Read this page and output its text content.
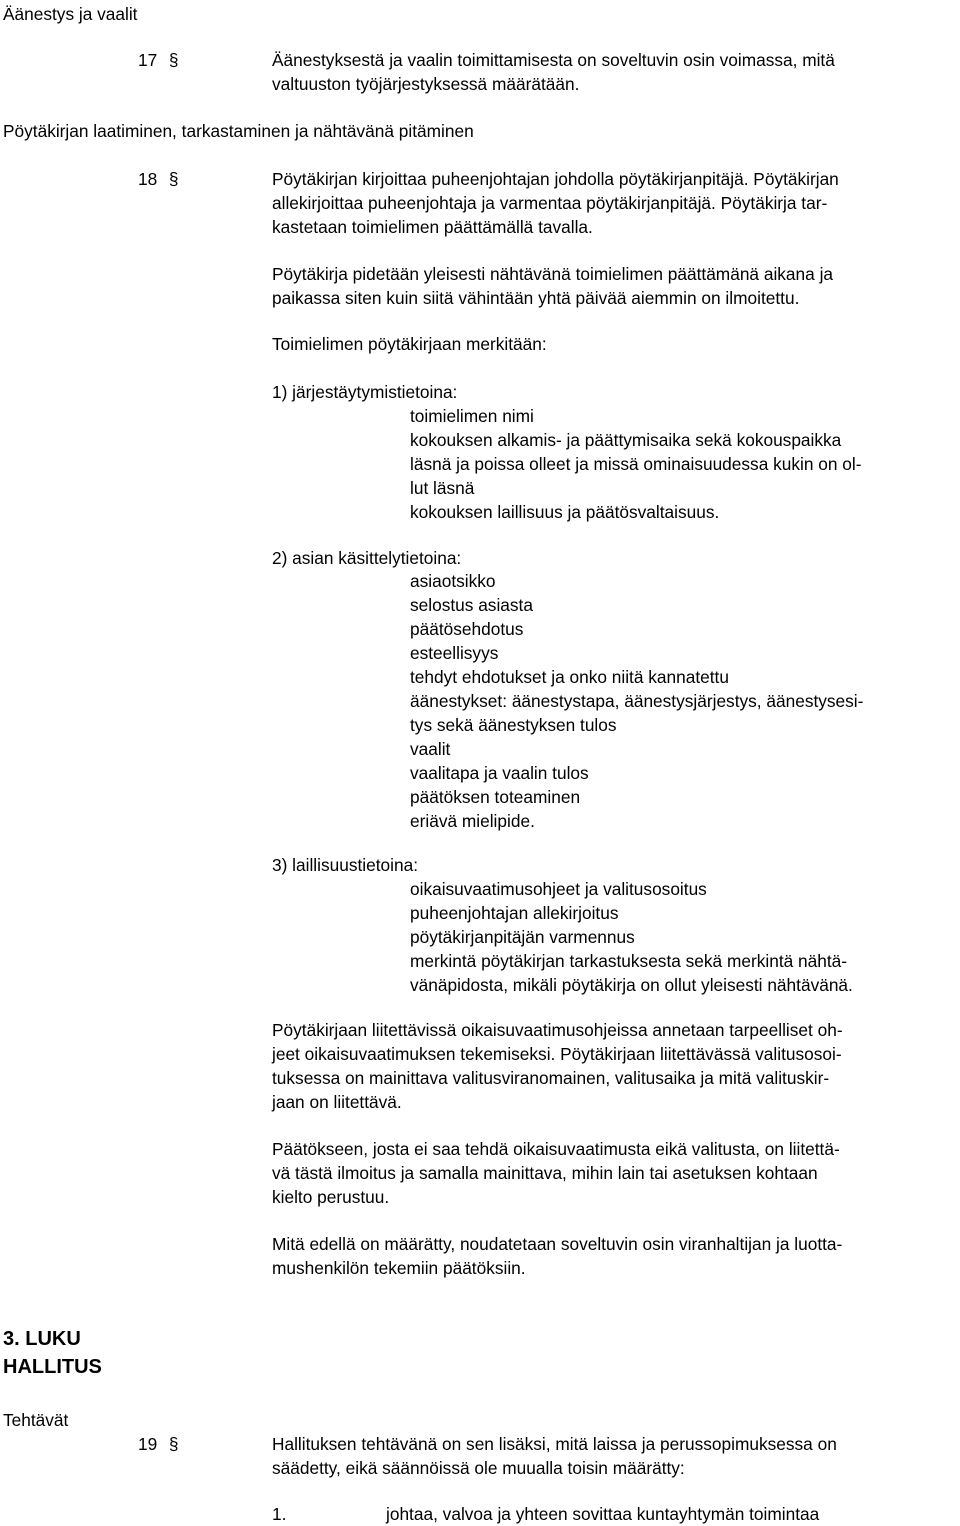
Äänestys ja vaalit
17 §	Äänestyksestä ja vaalin toimittamisesta on soveltuvin osin voimassa, mitä
valtuuston työjärjestyksessä määrätään.
Pöytäkirjan laatiminen, tarkastaminen ja nähtävänä pitäminen
18 §	Pöytäkirjan kirjoittaa puheenjohtajan johdolla pöytäkirjanpitäjä. Pöytäkirjan
allekirjoittaa puheenjohtaja ja varmentaa pöytäkirjanpitäjä. Pöytäkirja tar-
kastetaan toimielimen päättämällä tavalla.
Pöytäkirja pidetään yleisesti nähtävänä toimielimen päättämänä aikana ja
paikassa siten kuin siitä vähintään yhtä päivää aiemmin on ilmoitettu.
Toimielimen pöytäkirjaan merkitään:
1) järjestäytymistietoina:
toimielimen nimi
kokouksen alkamis- ja päättymisaika sekä kokouspaikka
läsnä ja poissa olleet ja missä ominaisuudessa kukin on ol-
lut läsnä
kokouksen laillisuus ja päätösvaltaisuus.
2) asian käsittelytietoina:
asiaotsikko
selostus asiasta
päätösehdotus
esteellisyys
tehdyt ehdotukset ja onko niitä kannatettu
äänestykset: äänestystapa, äänestysjärjestys, äänestysesi-
tys sekä äänestyksen tulos
vaalit
vaalitapa ja vaalin tulos
päätöksen toteaminen
eriävä mielipide.
3) laillisuustietoina:
oikaisuvaatimusohjeet ja valitusosoitus
puheenjohtajan allekirjoitus
pöytäkirjanpitäjän varmennus
merkintä pöytäkirjan tarkastuksesta sekä merkintä nähtä-
vänäpidosta, mikäli pöytäkirja on ollut yleisesti nähtävänä.
Pöytäkirjaan liitettävissä oikaisuvaatimusohjeissa annetaan tarpeelliset oh-
jeet oikaisuvaatimuksen tekemiseksi. Pöytäkirjaan liitettävässä valitusosoi-
tuksessa on mainittava valitusviranomainen, valitusaika ja mitä valituskir-
jaan on liitettävä.
Päätökseen, josta ei saa tehdä oikaisuvaatimusta eikä valitusta, on liitettä-
vä tästä ilmoitus ja samalla mainittava, mihin lain tai asetuksen kohtaan
kielto perustuu.
Mitä edellä on määrätty, noudatetaan soveltuvin osin viranhaltijan ja luotta-
mushenkilön tekemiin päätöksiin.
3. LUKU
HALLITUS
Tehtävät
19 §	Hallituksen tehtävänä on sen lisäksi, mitä laissa ja perussopimuksessa on
säädetty, eikä säännöissä ole muualla toisin määrätty:
1.	johtaa, valvoa ja yhteen sovittaa kuntayhtymän toimintaa
